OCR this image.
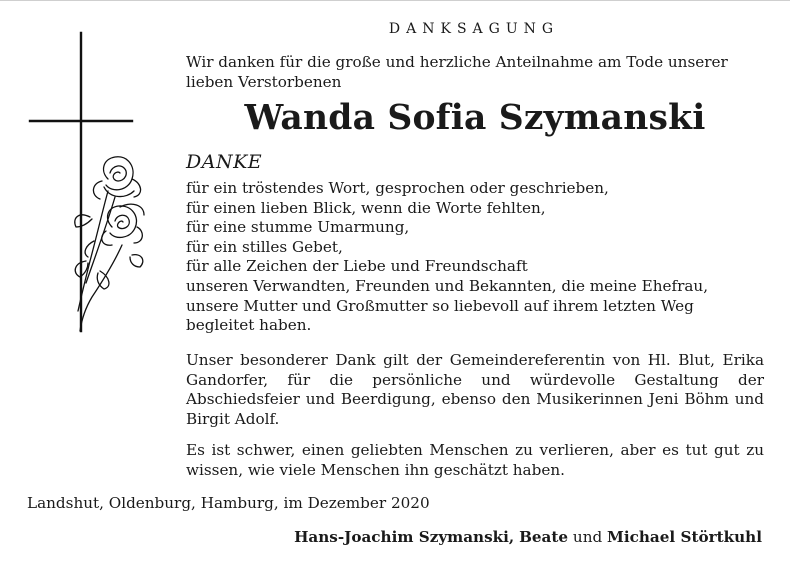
DANKSAGUNG
Wir danken für die große und herzliche Anteilnahme am Tode unserer lieben Verstorbenen
Wanda Sofia Szymanski
DANKE
für ein tröstendes Wort, gesprochen oder geschrieben,
für einen lieben Blick, wenn die Worte fehlten,
für eine stumme Umarmung,
für ein stilles Gebet,
für alle Zeichen der Liebe und Freundschaft
unseren Verwandten, Freunden und Bekannten, die meine Ehefrau,
unsere Mutter und Großmutter so liebevoll auf ihrem letzten Weg
begleitet haben.

Unser besonderer Dank gilt der Gemeindereferentin von Hl. Blut, Erika Gandorfer, für die persönliche und würdevolle Gestaltung der Abschiedsfeier und Beerdigung, ebenso den Musikerinnen Jeni Böhm und Birgit Adolf.

Es ist schwer, einen geliebten Menschen zu verlieren, aber es tut gut zu wissen, wie viele Menschen ihn geschätzt haben.

Landshut, Oldenburg, Hamburg, im Dezember 2020
Hans-Joachim Szymanski, Beate und Michael Störtkuhl
